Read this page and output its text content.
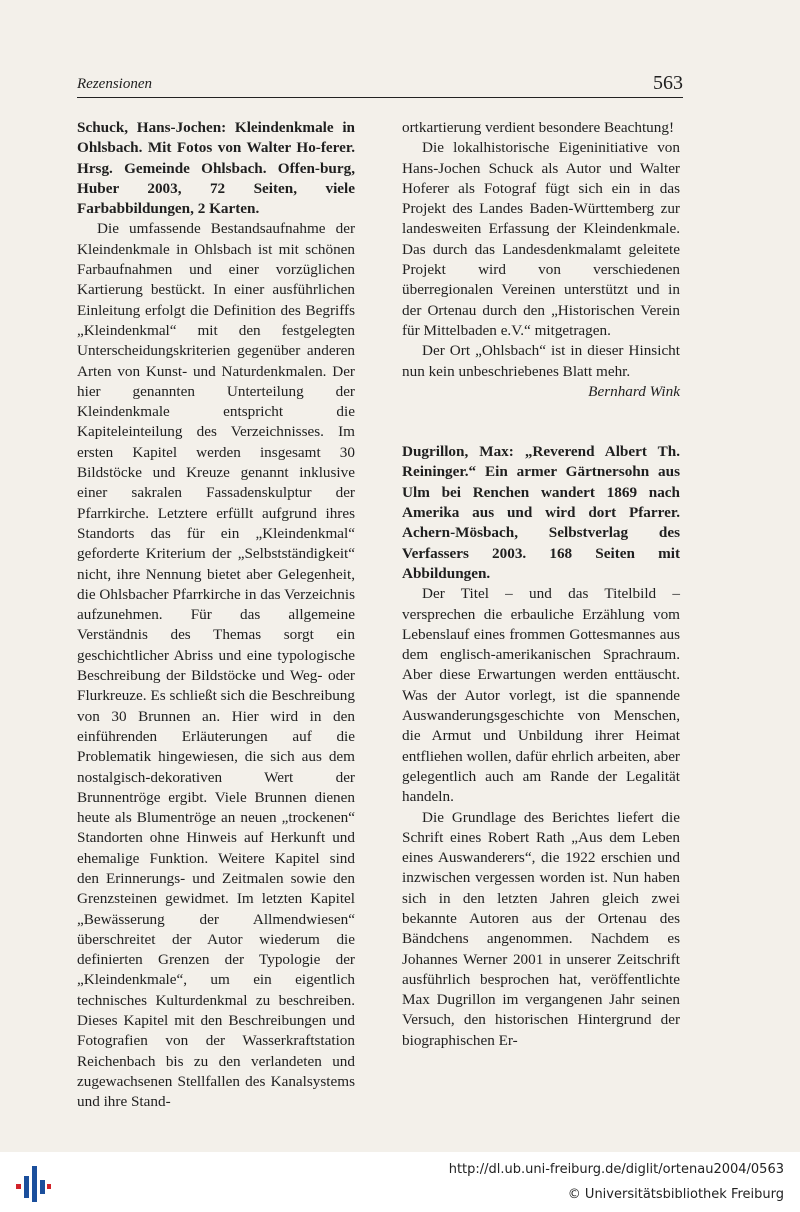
Rezensionen	563

Schuck, Hans-Jochen: Kleindenkmale in Ohlsbach. Mit Fotos von Walter Ho-ferer. Hrsg. Gemeinde Ohlsbach. Offen-burg, Huber 2003, 72 Seiten, viele Farbabbildungen, 2 Karten.

Die umfassende Bestandsaufnahme der Kleindenkmale in Ohlsbach ist mit schönen Farbaufnahmen und einer vorzüglichen Kartierung bestückt. In einer ausführlichen Einleitung erfolgt die Definition des Begriffs „Kleindenkmal“ mit den festgelegten Unterscheidungskriterien gegenüber anderen Arten von Kunst- und Naturdenkmalen. Der hier genannten Unterteilung der Kleindenkmale entspricht die Kapiteleinteilung des Verzeichnisses. Im ersten Kapitel werden insgesamt 30 Bildstöcke und Kreuze genannt inklusive einer sakralen Fassadenskulptur der Pfarrkirche. Letztere erfüllt aufgrund ihres Standorts das für ein „Kleindenkmal“ geforderte Kriterium der „Selbstständigkeit“ nicht, ihre Nennung bietet aber Gelegenheit, die Ohlsbacher Pfarrkirche in das Verzeichnis aufzunehmen. Für das allgemeine Verständnis des Themas sorgt ein geschichtlicher Abriss und eine typologische Beschreibung der Bildstöcke und Weg- oder Flurkreuze. Es schließt sich die Beschreibung von 30 Brunnen an. Hier wird in den einführenden Erläuterungen auf die Problematik hingewiesen, die sich aus dem nostalgisch-dekorativen Wert der Brunnentröge ergibt. Viele Brunnen dienen heute als Blumentröge an neuen „trockenen“ Standorten ohne Hinweis auf Herkunft und ehemalige Funktion. Weitere Kapitel sind den Erinnerungs- und Zeitmalen sowie den Grenzsteinen gewidmet. Im letzten Kapitel „Bewässerung der Allmendwiesen“ überschreitet der Autor wiederum die definierten Grenzen der Typologie der „Kleindenkmale“, um ein eigentlich technisches Kulturdenkmal zu beschreiben. Dieses Kapitel mit den Beschreibungen und Fotografien von der Wasserkraftstation Reichenbach bis zu den verlandeten und zugewachsenen Stellfallen des Kanalsystems und ihre Stand-

ortkartierung verdient besondere Beachtung!

Die lokalhistorische Eigeninitiative von Hans-Jochen Schuck als Autor und Walter Hoferer als Fotograf fügt sich ein in das Projekt des Landes Baden-Württemberg zur landesweiten Erfassung der Kleindenkmale. Das durch das Landesdenkmalamt geleitete Projekt wird von verschiedenen überregionalen Vereinen unterstützt und in der Ortenau durch den „Historischen Verein für Mittelbaden e.V.“ mitgetragen.

Der Ort „Ohlsbach“ ist in dieser Hinsicht nun kein unbeschriebenes Blatt mehr.

Bernhard Wink

Dugrillon, Max: „Reverend Albert Th. Reininger.“ Ein armer Gärtnersohn aus Ulm bei Renchen wandert 1869 nach Amerika aus und wird dort Pfarrer. Achern-Mösbach, Selbstverlag des Verfassers 2003. 168 Seiten mit Abbildungen.

Der Titel – und das Titelbild – versprechen die erbauliche Erzählung vom Lebenslauf eines frommen Gottesmannes aus dem englisch-amerikanischen Sprachraum. Aber diese Erwartungen werden enttäuscht. Was der Autor vorlegt, ist die spannende Auswanderungsgeschichte von Menschen, die Armut und Unbildung ihrer Heimat entfliehen wollen, dafür ehrlich arbeiten, aber gelegentlich auch am Rande der Legalität handeln.

Die Grundlage des Berichtes liefert die Schrift eines Robert Rath „Aus dem Leben eines Auswanderers“, die 1922 erschien und inzwischen vergessen worden ist. Nun haben sich in den letzten Jahren gleich zwei bekannte Autoren aus der Ortenau des Bändchens angenommen. Nachdem es Johannes Werner 2001 in unserer Zeitschrift ausführlich besprochen hat, veröffentlichte Max Dugrillon im vergangenen Jahr seinen Versuch, den historischen Hintergrund der biographischen Er-

http://dl.ub.uni-freiburg.de/diglit/ortenau2004/0563
© Universitätsbibliothek Freiburg
